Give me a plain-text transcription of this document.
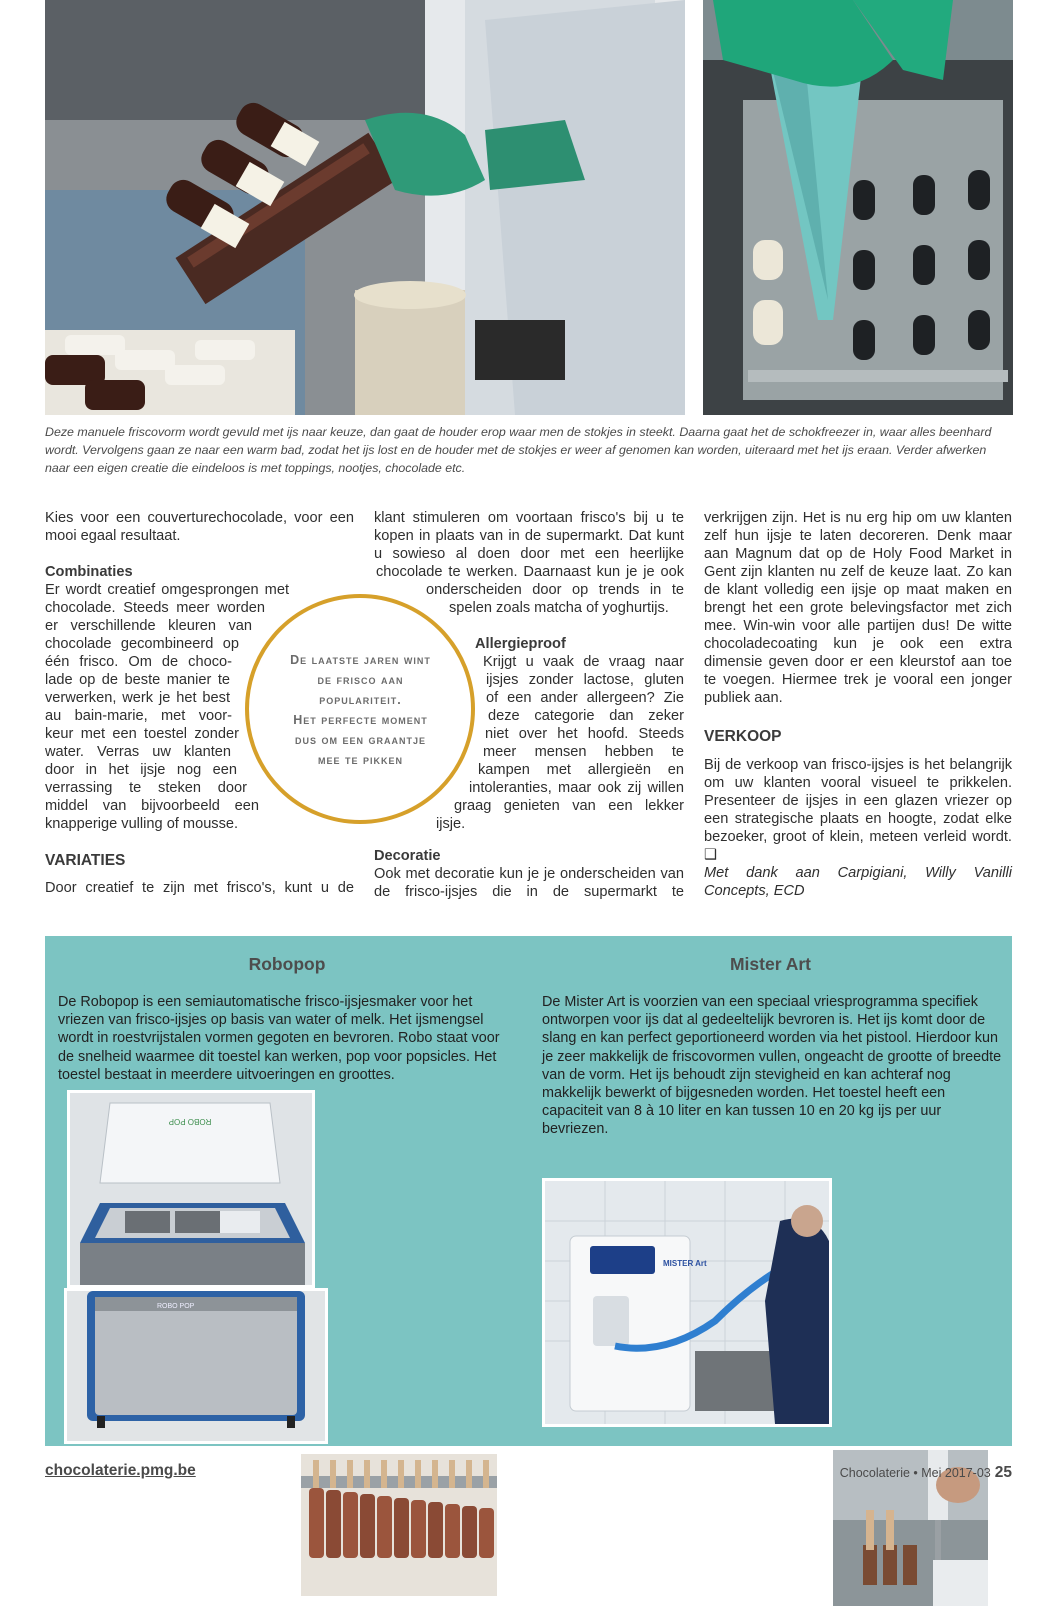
Deze manuele friscovorm wordt gevuld met ijs naar keuze, dan gaat de houder erop waar men de stokjes in steekt. Daarna gaat het de schokfreezer in, waar alles beenhard wordt. Vervolgens gaan ze naar een warm bad, zodat het ijs lost en de houder met de stokjes er weer af genomen kan worden, uiteraard met het ijs eraan. Verder afwerken naar een eigen creatie die eindeloos is met toppings, nootjes, chocolade etc.

Kies voor een couverturechocolade, voor een mooi egaal resultaat.

Combinaties

Er wordt creatief omgesprongen met
chocolade. Steeds meer worden
er verschillende kleuren van
chocolade gecombineerd op
één frisco. Om de choco-
lade op de beste manier te
verwerken, werk je het best
au bain-marie, met voor-
keur met een toestel zonder
water. Verras uw klanten
door in het ijsje nog een
verrassing te steken door
middel van bijvoorbeeld een
knapperige vulling of mousse.

VARIATIES

Door creatief te zijn met frisco's, kunt u de

klant stimuleren om voortaan frisco's bij u te
kopen in plaats van in de supermarkt. Dat kunt
u sowieso al doen door met een heerlijke
chocolade te werken. Daarnaast kun je je ook
onderscheiden door op trends in te
spelen zoals matcha of yoghurtijs.

Allergieproof

Krijgt u vaak de vraag naar
ijsjes zonder lactose, gluten
of een ander allergeen? Zie
deze categorie dan zeker
niet over het hoofd. Steeds
meer mensen hebben te
kampen met allergieën en
intoleranties, maar ook zij willen
graag genieten van een lekker
ijsje.

Decoratie

Ook met decoratie kun je je onderscheiden van de frisco-ijsjes die in de supermarkt te

De laatste jaren wint
de frisco aan
populariteit.
Het perfecte moment
dus om een graantje
mee te pikken

verkrijgen zijn. Het is nu erg hip om uw klanten zelf hun ijsje te laten decoreren. Denk maar aan Magnum dat op de Holy Food Market in Gent zijn klanten nu zelf de keuze laat. Zo kan de klant volledig een ijsje op maat maken en brengt het een grote belevingsfactor met zich mee. Win-win voor alle partijen dus! De witte chocoladecoating kun je ook een extra dimensie geven door er een kleurstof aan toe te voegen. Hiermee trek je vooral een jonger publiek aan.

VERKOOP

Bij de verkoop van frisco-ijsjes is het belangrijk om uw klanten vooral visueel te prikkelen. Presenteer de ijsjes in een glazen vriezer op een strategische plaats en hoogte, zodat elke bezoeker, groot of klein, meteen verleid wordt. ❑

Met dank aan Carpigiani, Willy Vanilli Concepts, ECD

Robopop

De Robopop is een semiautomatische frisco-ijsjesmaker voor het vriezen van frisco-ijsjes op basis van water of melk. Het ijsmengsel wordt in roestvrijstalen vormen gegoten en bevroren. Robo staat voor de snelheid waarmee dit toestel kan werken, pop voor popsicles. Het toestel bestaat in meerdere uitvoeringen en groottes.

Mister Art

De Mister Art is voorzien van een speciaal vriesprogramma specifiek ontworpen voor ijs dat al gedeeltelijk bevroren is. Het ijs komt door de slang en kan perfect geportioneerd worden via het pistool. Hierdoor kun je zeer makkelijk de friscovormen vullen, ongeacht de grootte of breedte van de vorm. Het ijs behoudt zijn stevigheid en kan achteraf nog makkelijk bewerkt of bijgesneden worden. Het toestel heeft een capaciteit van 8 à 10 liter en kan tussen 10 en 20 kg ijs per uur bevriezen.

ROBO POP
ROBO POP
MISTER Art
chocolaterie.pmg.be	Chocolaterie • Mei 2017-03 25
